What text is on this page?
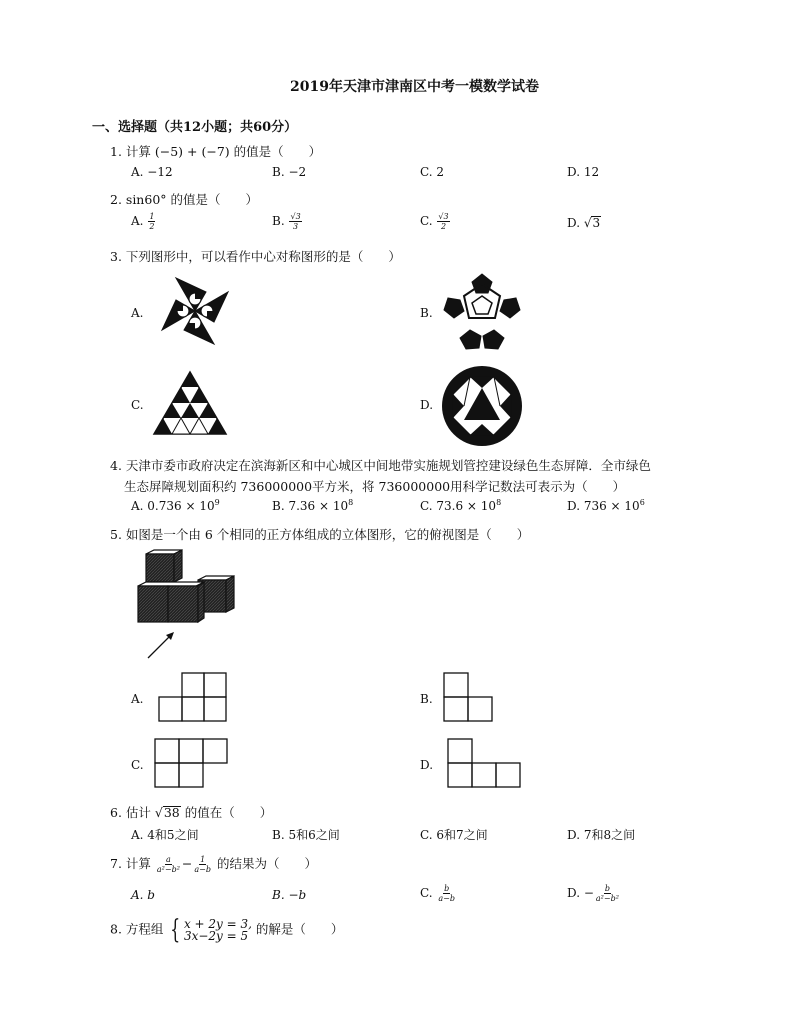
2019年天津市津南区中考一模数学试卷
一、选择题（共12小题；共60分）
1. 计算 (−5) + (−7) 的值是（　　）
A. −12	B. −2	C. 2	D. 12
2. sin60° 的值是（　　）
A. $\frac{1}{2}$	B. $\frac{√3}{3}$	C. $\frac{√3}{2}$	D. √3
3. 下列图形中，可以看作中心对称图形的是（　　）
A.	B.
C.	D.
4. 天津市委市政府决定在滨海新区和中心城区中间地带实施规划管控建设绿色生态屏障．全市绿色
生态屏障规划面积约 736000000平方米，将 736000000用科学记数法可表示为（　　）
A. $0.736 \times 10^9$	B. $7.36 \times 10^8$	C. $73.6 \times 10^8$	D. $736 \times 10^6$
5. 如图是一个由 6 个相同的正方体组成的立体图形，它的俯视图是（　　）
A.	B.
C.	D.
6. 估计 √38 的值在（　　）
A. 4和5之间	B. 5和6之间	C. 6和7之间	D. 7和8之间
7. 计算 $\frac{a}{\text{a²−b²}} - \frac{1}{a-b}$ 的结果为（　　）
A. b	B. −b	C. $\frac{b}{a-b}$	D. − $\frac{b}{\text{a²−b²}}$
8. 方程组 { x + 2y = 3,
3x−2y = 5 的解是（　　）
